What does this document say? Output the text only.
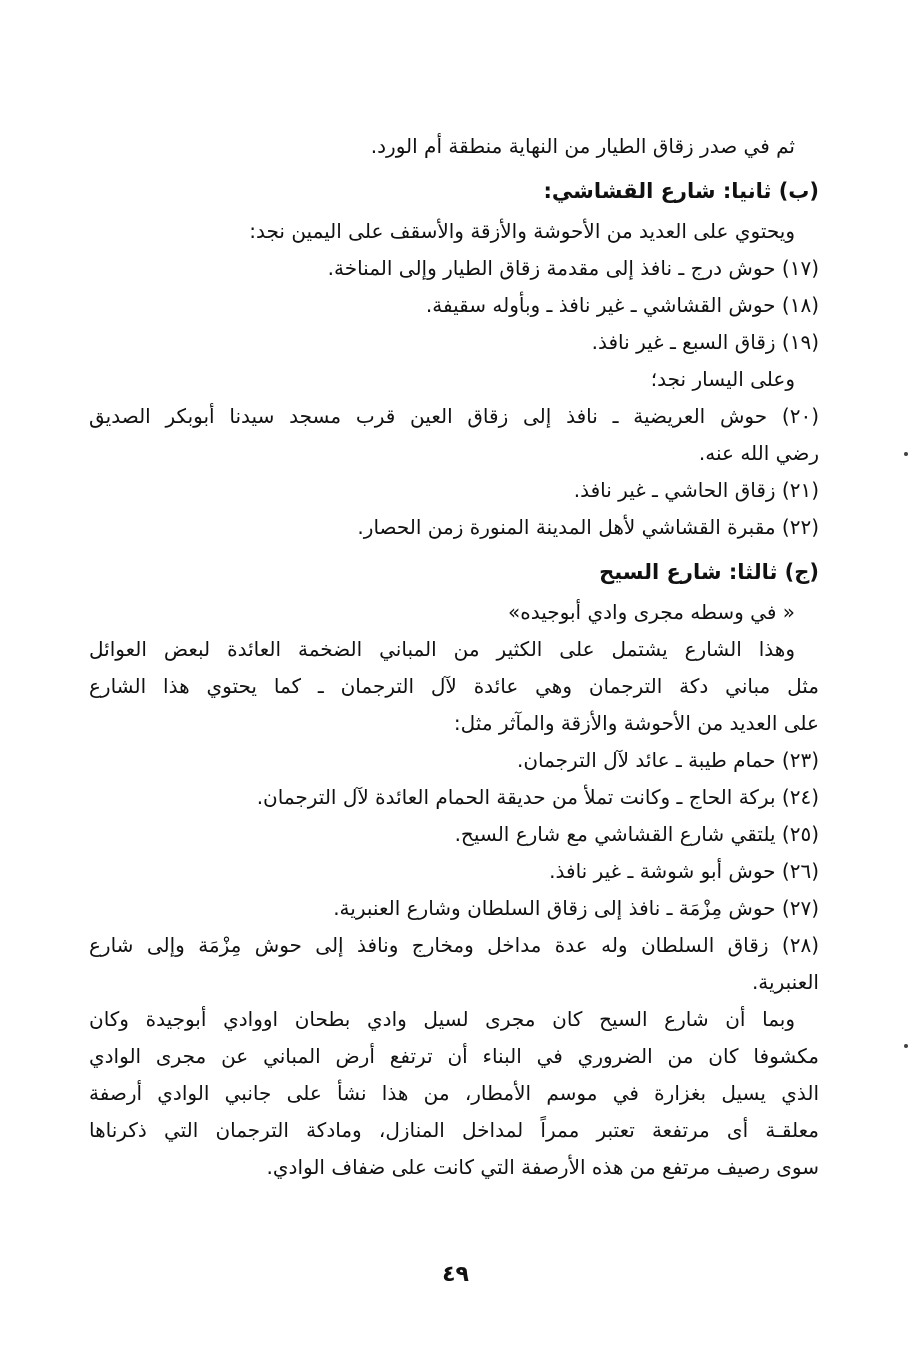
ثم في صدر زقاق الطيار من النهاية منطقة أم الورد.
(ب) ثانيا: شارع القشاشي:
ويحتوي على العديد من الأحوشة والأزقة والأسقف على اليمين نجد:
(١٧) حوش درج ـ نافذ إلى مقدمة زقاق الطيار وإلى المناخة.
(١٨) حوش القشاشي ـ غير نافذ ـ وبأوله سقيفة.
(١٩) زقاق السبع ـ غير نافذ.
وعلى اليسار نجد؛
(٢٠) حوش العريضية ـ نافذ إلى زقاق العين قرب مسجد سيدنا أبوبكر الصديق
رضي الله عنه.
(٢١) زقاق الحاشي ـ غير نافذ.
(٢٢) مقبرة القشاشي لأهل المدينة المنورة زمن الحصار.
(ج) ثالثا: شارع السيح
« في وسطه مجرى وادي أبوجيده»
وهذا الشارع يشتمل على الكثير من المباني الضخمة العائدة لبعض العوائل
مثل مباني دكة الترجمان وهي عائدة لآل الترجمان ـ كما يحتوي هذا الشارع
على العديد من الأحوشة والأزقة والمآثر مثل:
(٢٣) حمام طيبة ـ عائد لآل الترجمان.
(٢٤) بركة الحاج ـ وكانت تملأ من حديقة الحمام العائدة لآل الترجمان.
(٢٥) يلتقي شارع القشاشي مع شارع السيح.
(٢٦) حوش أبو شوشة ـ غير نافذ.
(٢٧) حوش مِزْمَة ـ نافذ إلى زقاق السلطان وشارع العنبرية.
(٢٨) زقاق السلطان وله عدة مداخل ومخارج ونافذ إلى حوش مِزْمَة وإلى شارع
العنبرية.
وبما أن شارع السيح كان مجرى لسيل وادي بطحان اووادي أبوجيدة وكان
مكشوفا كان من الضروري في البناء أن ترتفع أرض المباني عن مجرى الوادي
الذي يسيل بغزارة في موسم الأمطار، من هذا نشأ على جانبي الوادي أرصفة
معلقـة أى مرتفعة تعتبر ممراً لمداخل المنازل، ومادكة الترجمان التي ذكرناها
سوى رصيف مرتفع من هذه الأرصفة التي كانت على ضفاف الوادي.
٤٩
